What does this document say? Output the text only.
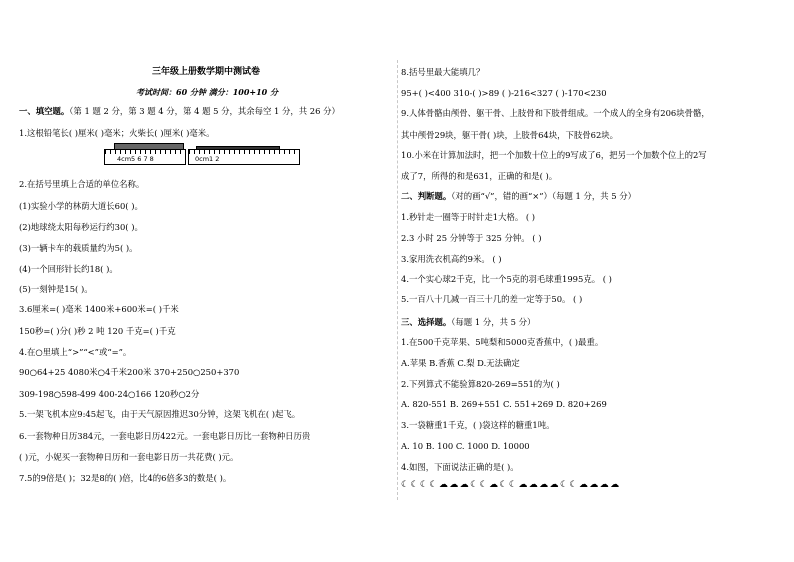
三年级上册数学期中测试卷
考试时间：60 分钟 满分：100+10 分
一、填空题。（第 1 题 2 分，第 3 题 4 分，第 4 题 5 分，其余每空 1 分，共 26 分）
1.这根铅笔长( )厘米( )毫米；火柴长( )厘米( )毫米。
4cm5 6 7 8	0cm1 2
2.在括号里填上合适的单位名称。
(1)实验小学的林荫大道长60( )。
(2)地球绕太阳每秒运行约30( )。
(3)一辆卡车的载质量约为5( )。
(4)一个回形针长约18( )。
(5)一刻钟是15( )。
3.6厘米=( )毫米 1400米+600米=( )千米
150秒=( )分( )秒 2 吨 120 千克=( )千克
4.在○里填上“>”“<”或“=”。
90○64+25 4080米○4千米200米 370+250○250+370
309-198○598-499 400-24○166 120秒○2分
5.一架飞机本应9:45起飞，由于天气原因推迟30分钟，这架飞机在( )起飞。
6.一套物种日历384元，一套电影日历422元。一套电影日历比一套物种日历贵
( )元，小妮买一套物种日历和一套电影日历一共花费( )元。
7.5的9倍是( )；32是8的( )倍，比4的6倍多3的数是( )。
8.括号里最大能填几？
95+( )<400 310-( )>89 ( )-216<327 ( )-170<230
9.人体骨骼由颅骨、躯干骨、上肢骨和下肢骨组成。一个成人的全身有206块骨骼，
其中颅骨29块，躯干骨( )块，上肢骨64块，下肢骨62块。
10.小米在计算加法时，把一个加数十位上的9写成了6，把另一个加数个位上的2写
成了7，所得的和是631，正确的和是( )。
二、判断题。（对的画“√”，错的画“×”）（每题 1 分，共 5 分）
1.秒针走一圈等于时针走1大格。 ( )
2.3 小时 25 分钟等于 325 分钟。 ( )
3.家用洗衣机高约9米。 ( )
4.一个实心球2千克，比一个5克的羽毛球重1995克。 ( )
5.一百八十几减一百三十几的差一定等于50。 ( )
三、选择题。（每题 1 分，共 5 分）
1.在500千克苹果、5吨梨和5000克香蕉中，( )最重。
A.苹果 B.香蕉 C.梨 D.无法确定
2.下列算式不能验算820-269=551的为( )
A. 820-551 B. 269+551 C. 551+269 D. 820+269
3.一袋糖重1千克，( )袋这样的糖重1吨。
A. 10 B. 100 C. 1000 D. 10000
4.如图，下面说法正确的是( )。
☾☾☾☾☁☁☁☾☾☁☾☾☁☁☁☁☾☾☁☁☁☁
